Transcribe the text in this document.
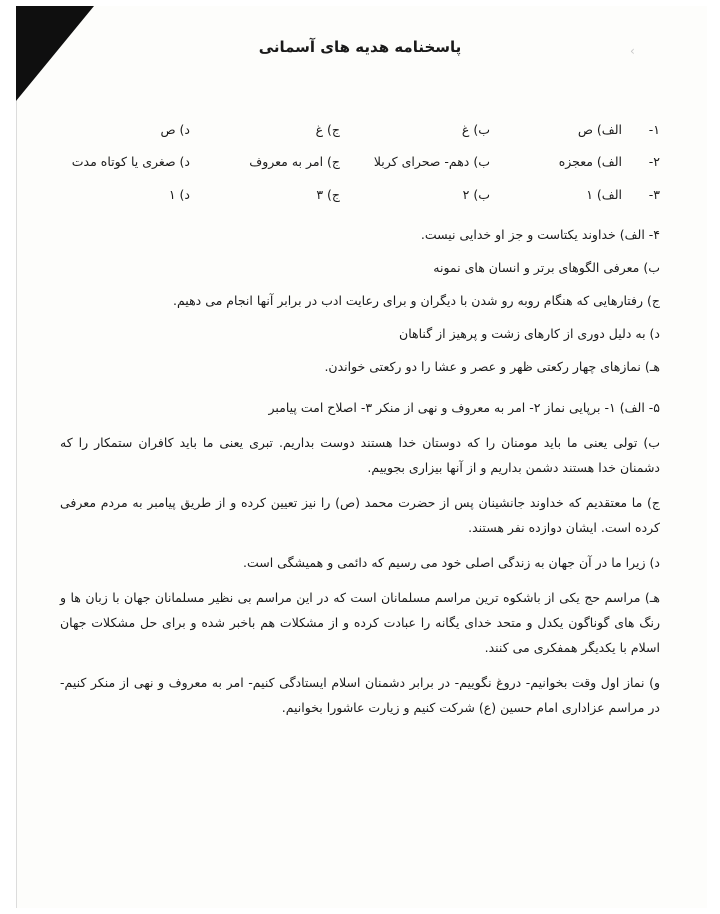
‹
پاسخنامه هدیه های آسمانی
۱-
الف) ص
ب) غ
ج) غ
د) ص
۲-
الف) معجزه
ب) دهم- صحرای کربلا
ج) امر به معروف
د) صغری یا کوتاه مدت
۳-
الف) ۱
ب) ۲
ج) ۳
د) ۱

۴- الف) خداوند یکتاست و جز او خدایی نیست.

ب) معرفی الگوهای برتر و انسان های نمونه

ج) رفتارهایی که هنگام روبه رو شدن با دیگران و برای رعایت ادب در برابر آنها انجام می دهیم.

د) به دلیل دوری از کارهای زشت و پرهیز از گناهان

هـ) نمازهای چهار رکعتی ظهر و عصر و عشا را دو رکعتی خواندن.

۵- الف) ۱- برپایی نماز ۲- امر به معروف و نهی از منکر ۳- اصلاح امت پیامبر

ب) تولی یعنی ما باید مومنان را که دوستان خدا هستند دوست بداریم. تبری یعنی ما باید کافران ستمکار را که دشمنان خدا هستند دشمن بداریم و از آنها بیزاری بجوییم.

ج) ما معتقدیم که خداوند جانشینان پس از حضرت محمد (ص) را نیز تعیین کرده و از طریق پیامبر به مردم معرفی کرده است. ایشان دوازده نفر هستند.

د) زیرا ما در آن جهان به زندگی اصلی خود می رسیم که دائمی و همیشگی است.

هـ) مراسم حج یکی از باشکوه ترین مراسم مسلمانان است که در این مراسم بی نظیر مسلمانان جهان با زبان ها و رنگ های گوناگون یکدل و متحد خدای یگانه را عبادت کرده و از مشکلات هم باخبر شده و برای حل مشکلات جهان اسلام با یکدیگر همفکری می کنند.

و) نماز اول وقت بخوانیم- دروغ نگوییم- در برابر دشمنان اسلام ایستادگی کنیم- امر به معروف و نهی از منکر کنیم- در مراسم عزاداری امام حسین (ع) شرکت کنیم و زیارت عاشورا بخوانیم.
